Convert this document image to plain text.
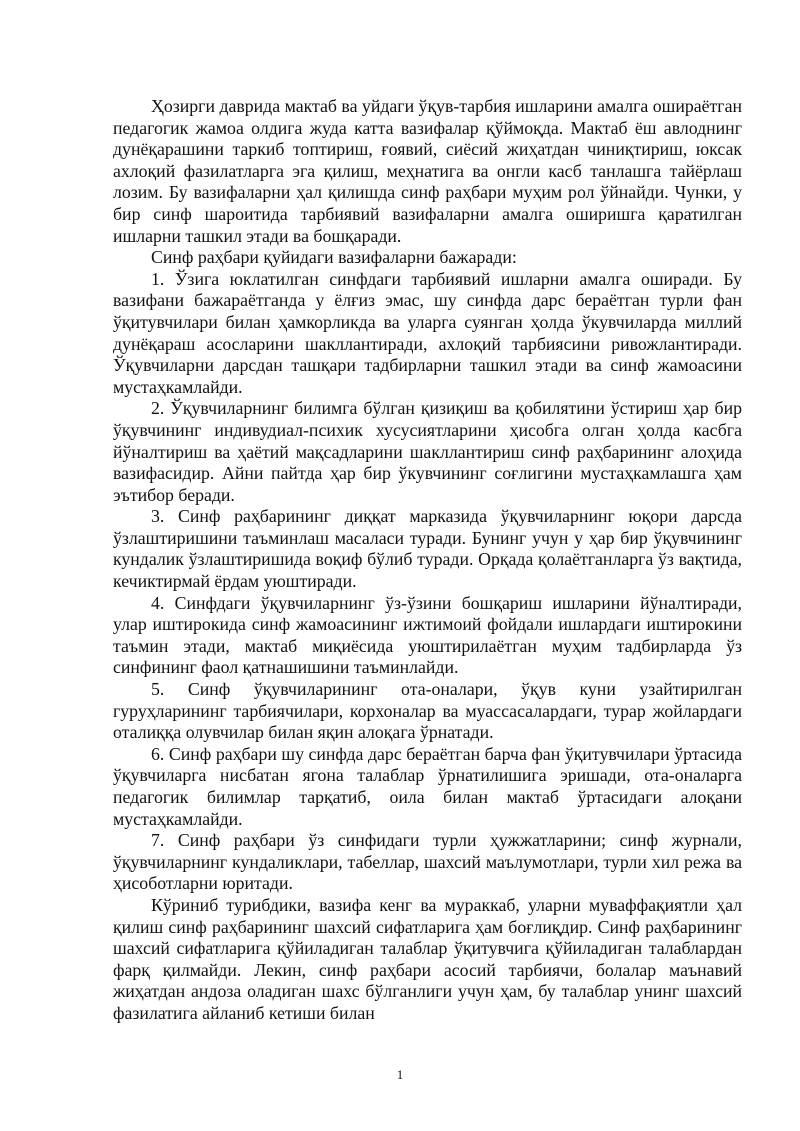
Ҳозирги даврида мактаб ва уйдаги ўқув-тарбия ишларини амалга ошираётган педагогик жамоа олдига жуда катта вазифалар қўймоқда. Мактаб ёш авлоднинг дунёқарашини таркиб топтириш, ғоявий, сиёсий жиҳатдан чиниқтириш, юксак ахлоқий фазилатларга эга қилиш, меҳнатига ва онгли касб танлашга тайёрлаш лозим. Бу вазифаларни ҳал қилишда синф раҳбари муҳим рол ўйнайди. Чунки, у бир синф шароитида тарбиявий вазифаларни амалга оширишга қаратилган ишларни ташкил этади ва бошқаради.

Синф раҳбари қуйидаги вазифаларни бажаради:

1. Ўзига юклатилган синфдаги тарбиявий ишларни амалга оширади. Бу вазифани бажараётганда у ёлғиз эмас, шу синфда дарс бераётган турли фан ўқитувчилари билан ҳамкорликда ва уларга суянган ҳолда ўкувчиларда миллий дунёқараш асосларини шакллантиради, ахлоқий тарбиясини ривожлантиради. Ўқувчиларни дарсдан ташқари тадбирларни ташкил этади ва синф жамоасини мустаҳкамлайди.

2. Ўқувчиларнинг билимга бўлган қизиқиш ва қобилятини ўстириш ҳар бир ўқувчининг индивудиал-психик хусусиятларини ҳисобга олган ҳолда касбга йўналтириш ва ҳаётий мақсадларини шакллантириш синф раҳбарининг алоҳида вазифасидир. Айни пайтда ҳар бир ўкувчининг соғлигини мустаҳкамлашга ҳам эътибор беради.

3. Синф раҳбарининг диққат марказида ўқувчиларнинг юқори дарсда ўзлаштиришини таъминлаш масаласи туради. Бунинг учун у ҳар бир ўқувчининг кундалик ўзлаштиришида воқиф бўлиб туради. Орқада қолаётганларга ўз вақтида, кечиктирмай ёрдам уюштиради.

4. Синфдаги ўқувчиларнинг ўз-ўзини бошқариш ишларини йўналтиради, улар иштирокида синф жамоасининг ижтимоий фойдали ишлардаги иштирокини таъмин этади, мактаб миқиёсида уюштирилаётган муҳим тадбирларда ўз синфининг фаол қатнашишини таъминлайди.

5. Синф ўқувчиларининг ота-оналари, ўқув куни узайтирилган гуруҳларининг тарбиячилари, корхоналар ва муассасалардаги, турар жойлардаги оталиққа олувчилар билан яқин алоқага ўрнатади.

6. Синф раҳбари шу синфда дарс бераётган барча фан ўқитувчилари ўртасида ўқувчиларга нисбатан ягона талаблар ўрнатилишига эришади, ота-оналарга педагогик билимлар тарқатиб, оила билан мактаб ўртасидаги алоқани мустаҳкамлайди.

7. Синф раҳбари ўз синфидаги турли ҳужжатларини; синф журнали, ўқувчиларнинг кундаликлари, табеллар, шахсий маълумотлари, турли хил режа ва ҳисоботларни юритади.

Кўриниб турибдики, вазифа кенг ва мураккаб, уларни муваффақиятли ҳал қилиш синф раҳбарининг шахсий сифатларига ҳам боғлиқдир. Синф раҳбарининг шахсий сифатларига қўйиладиган талаблар ўқитувчига қўйиладиган талаблардан фарқ қилмайди. Лекин, синф раҳбари асосий тарбиячи, болалар маънавий жиҳатдан андоза оладиган шахс бўлганлиги учун ҳам, бу талаблар унинг шахсий фазилатига айланиб кетиши билан

1
